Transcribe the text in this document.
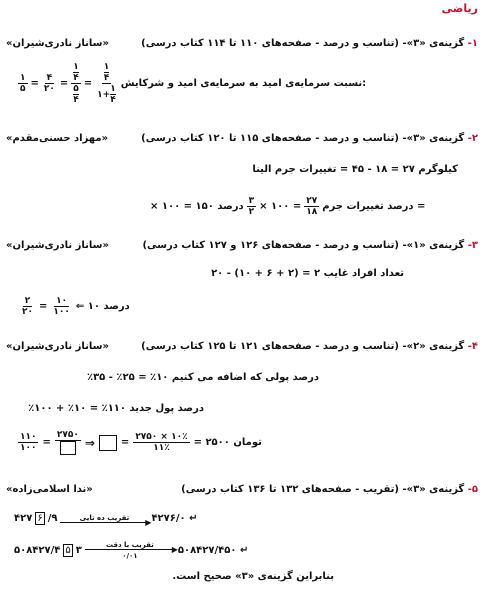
ریاضی
۱- گزینه‌ی «۳»- (تناسب و درصد - صفحه‌های ۱۱۰ تا ۱۱۴ کتاب درسی)
«ساناز نادری‌شیران»
$\frac{۱}{۵} = \frac{۴}{۲۰}$ = ۱
۴
۵
۴ = ۱
۴
۱+
۱
۴ :نسبت سرمایه‌ی امید به سرمایه‌ی امید و شرکایش
۲- گزینه‌ی «۳»- (تناسب و درصد - صفحه‌های ۱۱۵ تا ۱۲۰ کتاب درسی)
«مهزاد حسنی‌مقدم»
کیلوگرم ۲۷ = ۱۸ - ۴۵ = تغییرات جرم الینا
درصد ۱۵۰ = ۱۰۰ × $\frac{۳}{۲}$ = ۱۰۰ × $\frac{۲۷}{۱۸}$ = درصد تغییرات جرم
۳- گزینه‌ی «۱»- (تناسب و درصد - صفحه‌های ۱۲۶ و ۱۲۷ کتاب درسی)
«ساناز نادری‌شیران»
تعداد افراد غایب ۲ = (۲ + ۶ + ۱۰) - ۲۰
$\frac{۲}{۲۰} = \frac{۱۰}{۱۰۰}$ درصد ۱۰ ⇐
۴- گزینه‌ی «۲»- (تناسب و درصد - صفحه‌های ۱۲۱ تا ۱۲۵ کتاب درسی)
«ساناز نادری‌شیران»
درصد پولی که اضافه می کنیم ۱۰٪ = ۲۵٪ - ۳۵٪
درصد پول جدید ۱۱۰٪ = ۱۰٪ + ۱۰۰٪
$\frac{۱۱۰}{۱۰۰}$ =
۲۷۵۰
⇒	= $\frac{۲۷۵۰ \times ۱۰٪}{۱۱٪}$ تومان ۲۵۰۰ =
۵- گزینه‌ی «۳»- (تقریب - صفحه‌های ۱۳۲ تا ۱۳۶ کتاب درسی)
«ندا اسلامی‌زاده»
۴۲۷ ۶ /۹	تقریب ده تایی ▶ ۴۲۷۶/۰ ↵
۵۰۸۴۲۷/۴ ۵ ۳	تقریب با دقت ▶
۰/۰۱	۵۰۸۴۲۷/۴۵۰ ↵
بنابراین گزینه‌ی «۳» صحیح است.
